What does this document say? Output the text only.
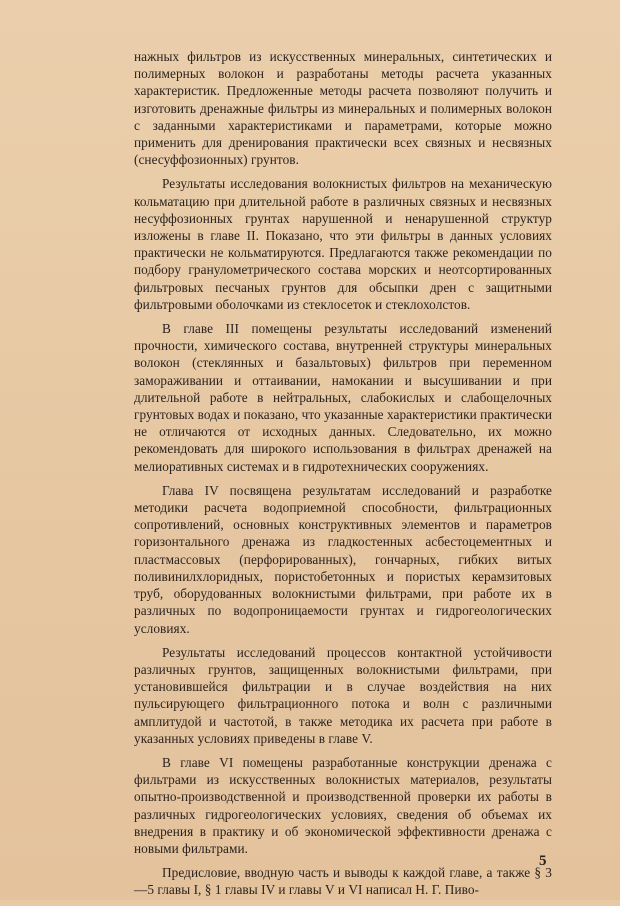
нажных фильтров из искусственных минеральных, синтетических и полимерных волокон и разработаны методы расчета указанных характеристик. Предложенные методы расчета позволяют получить и изготовить дренажные фильтры из минеральных и полимерных волокон с заданными характеристиками и параметрами, которые можно применить для дренирования практически всех связных и несвязных (снесуффозионных) грунтов.

Результаты исследования волокнистых фильтров на механическую кольматацию при длительной работе в различных связных и несвязных несуффозионных грунтах нарушенной и ненарушенной структур изложены в главе II. Показано, что эти фильтры в данных условиях практически не кольматируются. Предлагаются также рекомендации по подбору гранулометрического состава морских и неотсортированных фильтровых песчаных грунтов для обсыпки дрен с защитными фильтровыми оболочками из стеклосеток и стеклохолстов.

В главе III помещены результаты исследований изменений прочности, химического состава, внутренней структуры минеральных волокон (стеклянных и базальтовых) фильтров при переменном замораживании и оттаивании, намокании и высушивании и при длительной работе в нейтральных, слабокислых и слабощелочных грунтовых водах и показано, что указанные характеристики практически не отличаются от исходных данных. Следовательно, их можно рекомендовать для широкого использования в фильтрах дренажей на мелиоративных системах и в гидротехнических сооружениях.

Глава IV посвящена результатам исследований и разработке методики расчета водоприемной способности, фильтрационных сопротивлений, основных конструктивных элементов и параметров горизонтального дренажа из гладкостенных асбестоцементных и пластмассовых (перфорированных), гончарных, гибких витых поливинилхлоридных, пористобетонных и пористых керамзитовых труб, оборудованных волокнистыми фильтрами, при работе их в различных по водопроницаемости грунтах и гидрогеологических условиях.

Результаты исследований процессов контактной устойчивости различных грунтов, защищенных волокнистыми фильтрами, при установившейся фильтрации и в случае воздействия на них пульсирующего фильтрационного потока и волн с различными амплитудой и частотой, в также методика их расчета при работе в указанных условиях приведены в главе V.

В главе VI помещены разработанные конструкции дренажа с фильтрами из искусственных волокнистых материалов, результаты опытно-производственной и производственной проверки их работы в различных гидрогеологических условиях, сведения об объемах их внедрения в практику и об экономической эффективности дренажа с новыми фильтрами.

Предисловие, вводную часть и выводы к каждой главе, а также § 3—5 главы I, § 1 главы IV и главы V и VI написал Н. Г. Пиво-

5
